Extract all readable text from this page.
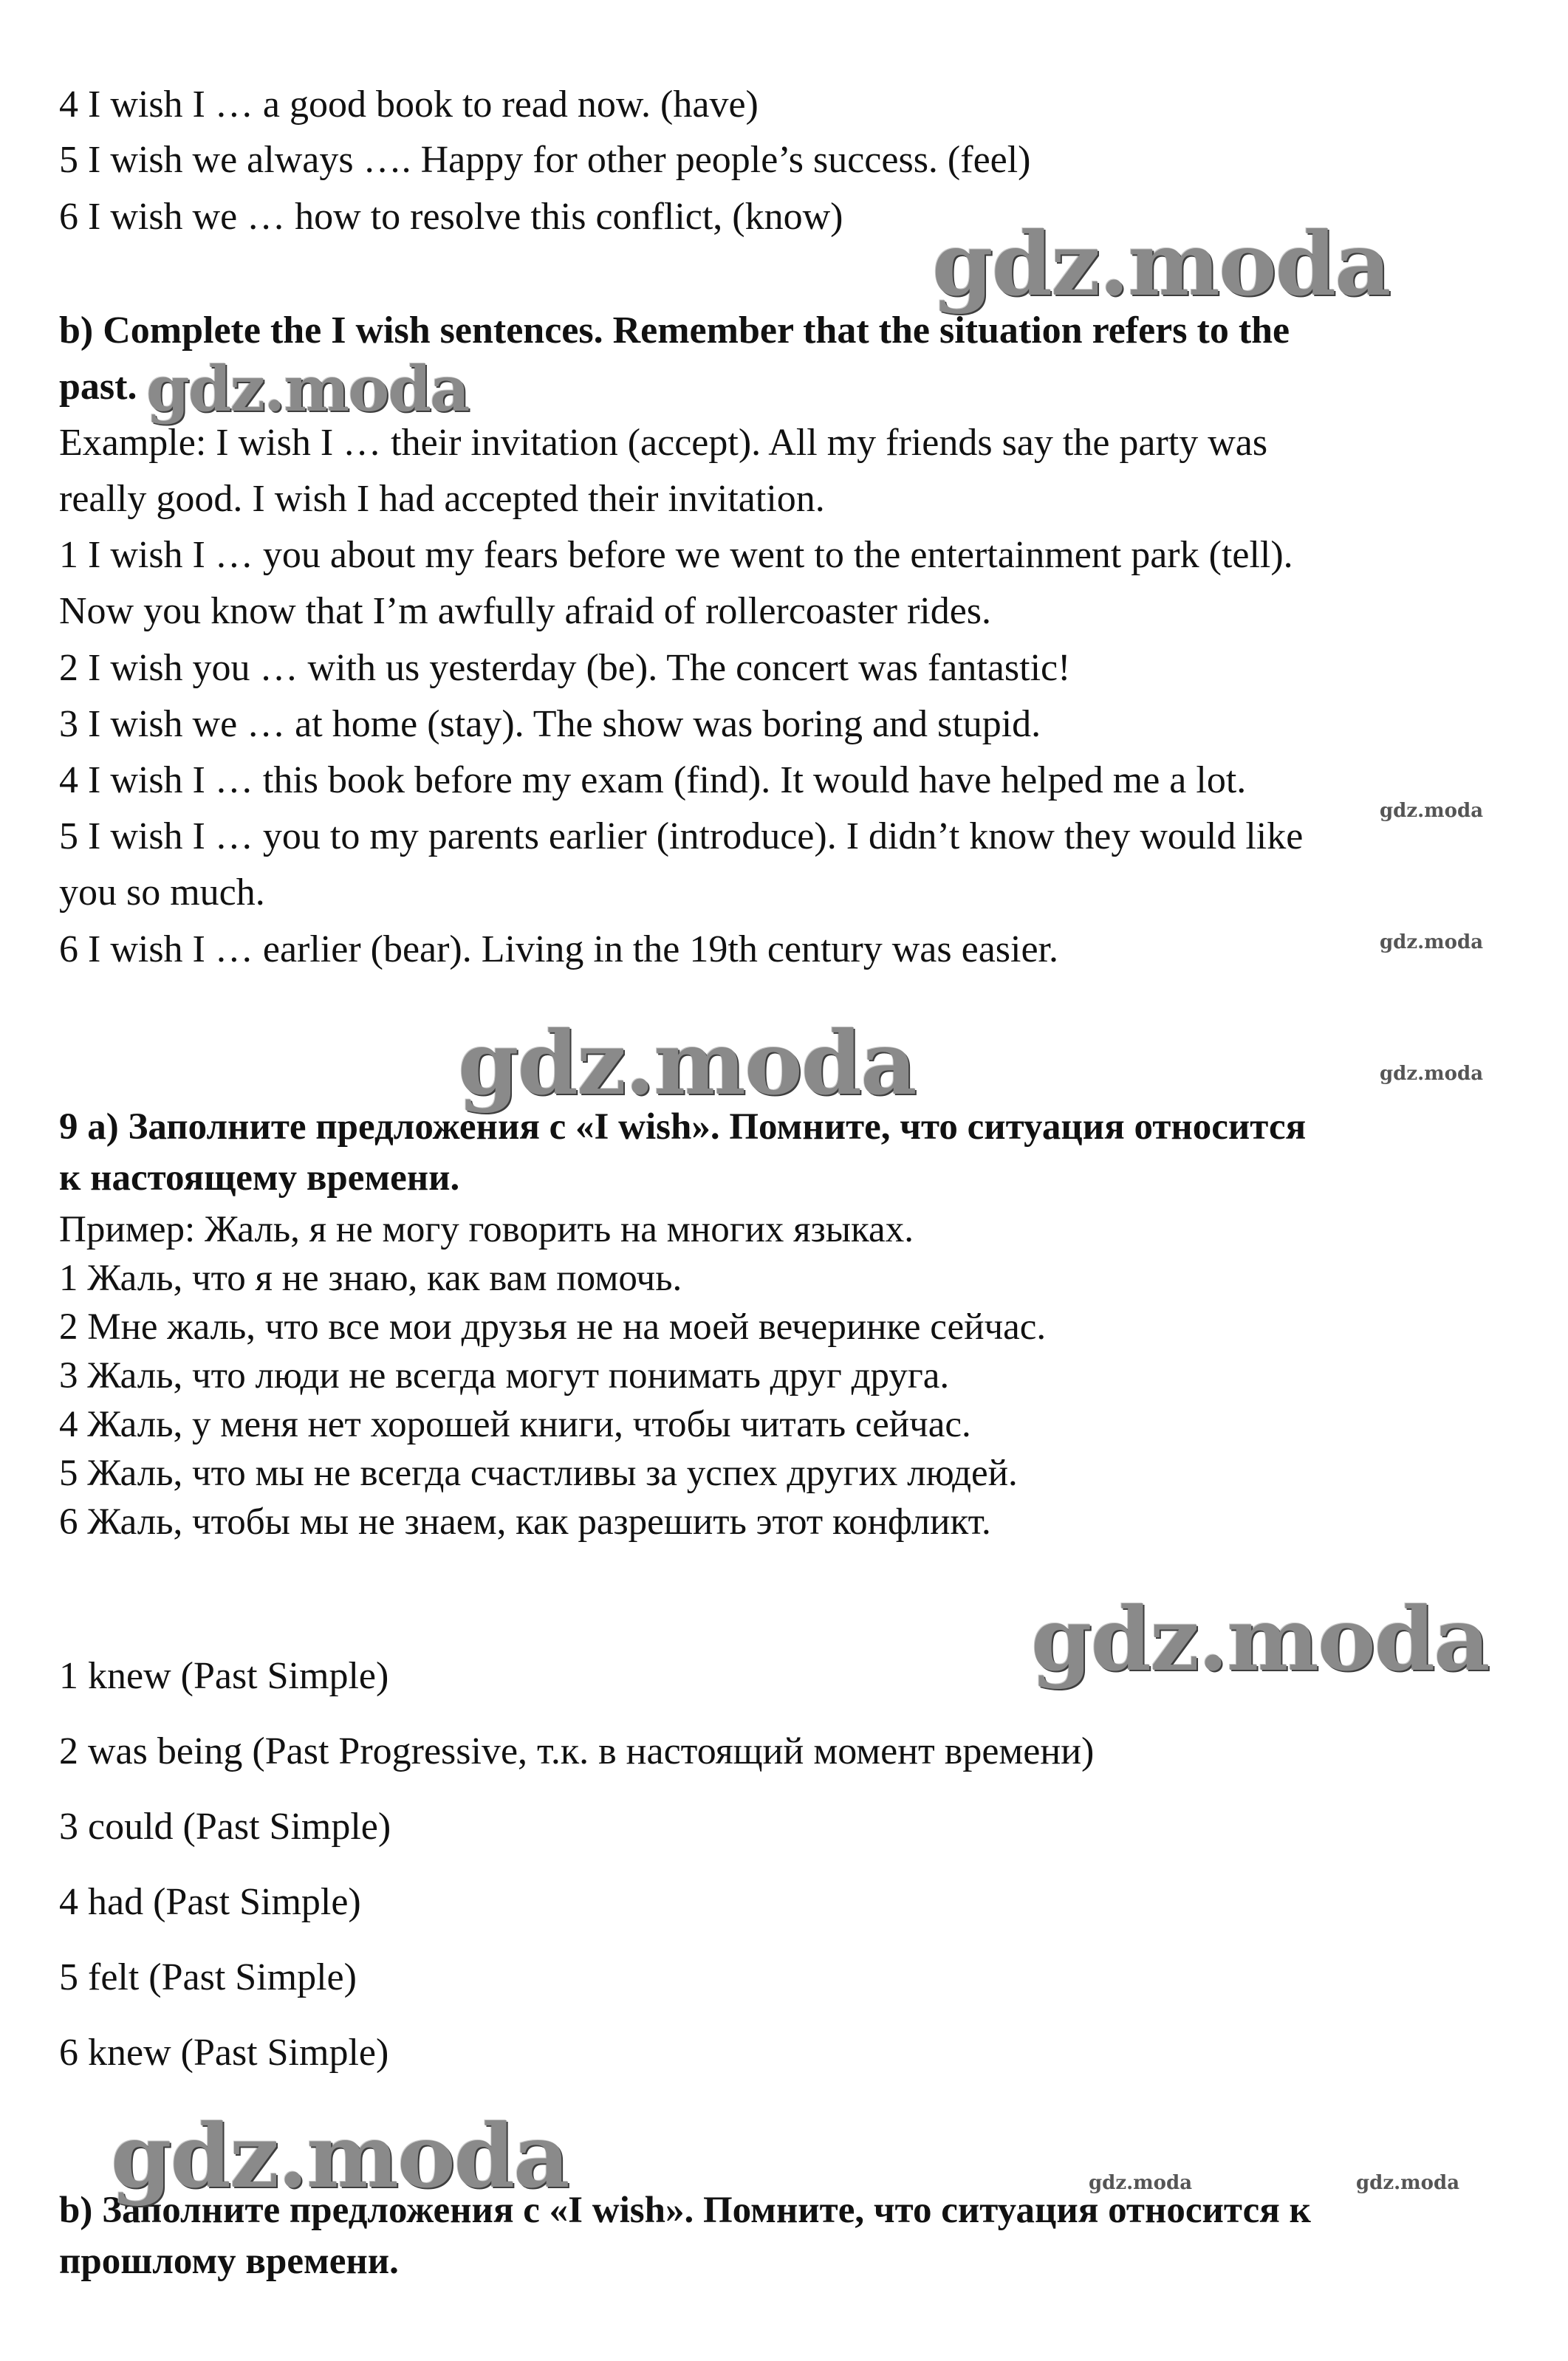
4 I wish I … a good book to read now. (have)
5 I wish we always …. Happy for other people’s success. (feel)
6 I wish we … how to resolve this conflict, (know)
b) Complete the I wish sentences. Remember that the situation refers to the
past.
Example: I wish I … their invitation (accept). All my friends say the party was
really good. I wish I had accepted their invitation.
1 I wish I … you about my fears before we went to the entertainment park (tell).
Now you know that I’m awfully afraid of rollercoaster rides.
2 I wish you … with us yesterday (be). The concert was fantastic!
3 I wish we … at home (stay). The show was boring and stupid.
4 I wish I … this book before my exam (find). It would have helped me a lot.
5 I wish I … you to my parents earlier (introduce). I didn’t know they would like
you so much.
6 I wish I … earlier (bear). Living in the 19th century was easier.
9 а) Заполните предложения с «I wish». Помните, что ситуация относится
к настоящему времени.
Пример: Жаль, я не могу говорить на многих языках.
1 Жаль, что я не знаю, как вам помочь.
2 Мне жаль, что все мои друзья не на моей вечеринке сейчас.
3 Жаль, что люди не всегда могут понимать друг друга.
4 Жаль, у меня нет хорошей книги, чтобы читать сейчас.
5 Жаль, что мы не всегда счастливы за успех других людей.
6 Жаль, чтобы мы не знаем, как разрешить этот конфликт.
1 knew (Past Simple)
2 was being (Past Progressive, т.к. в настоящий момент времени)
3 could (Past Simple)
4 had (Past Simple)
5 felt (Past Simple)
6 knew (Past Simple)
b) Заполните предложения с «I wish». Помните, что ситуация относится к
прошлому времени.
gdz.moda
gdz.moda
gdz.moda
gdz.moda
gdz.moda	gdz.moda
gdz.moda
gdz.moda	gdz.moda	gdz.moda
